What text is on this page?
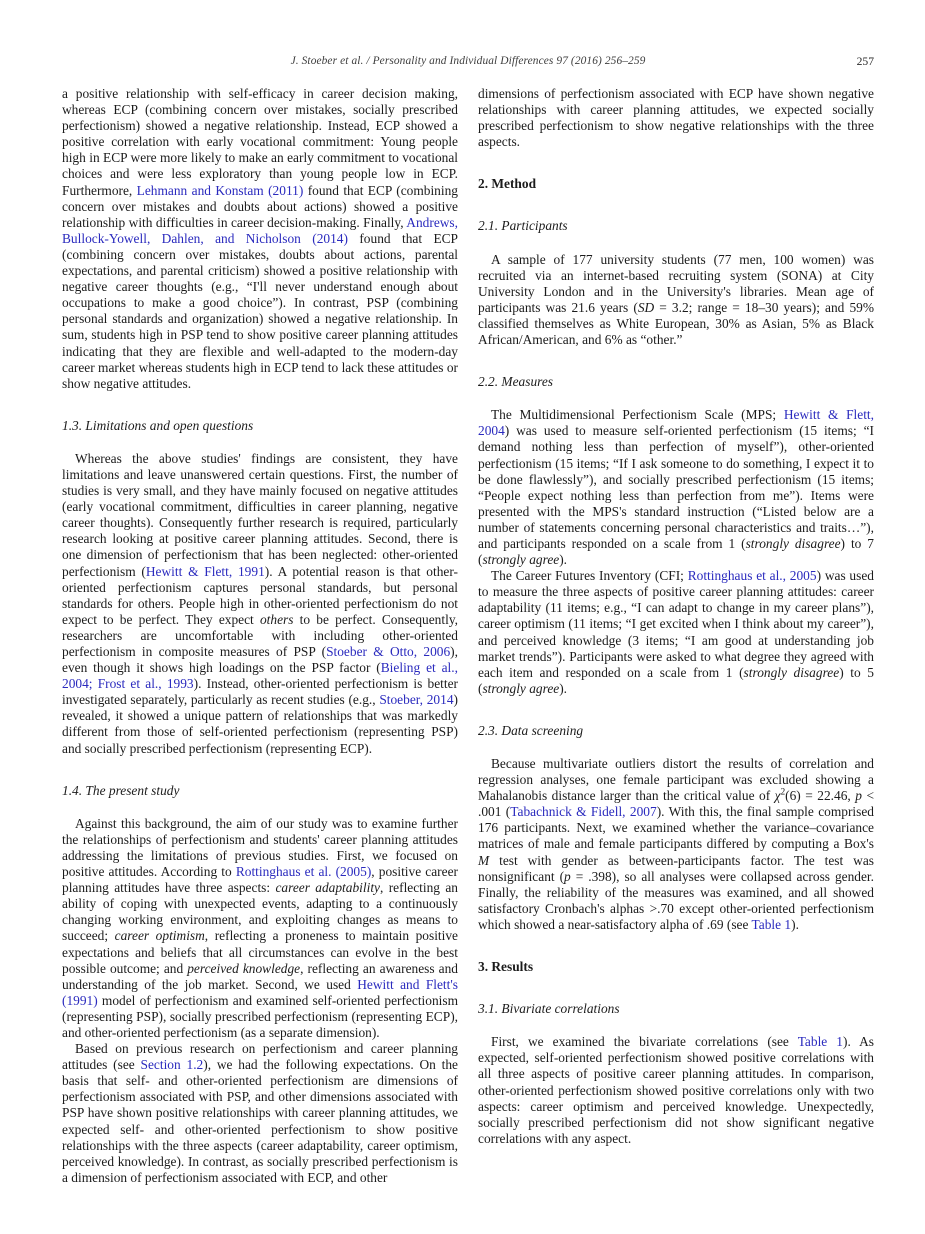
J. Stoeber et al. / Personality and Individual Differences 97 (2016) 256–259	257

a positive relationship with self-efficacy in career decision making, whereas ECP (combining concern over mistakes, socially prescribed perfectionism) showed a negative relationship. Instead, ECP showed a positive correlation with early vocational commitment: Young people high in ECP were more likely to make an early commitment to vocational choices and were less exploratory than young people low in ECP. Furthermore, Lehmann and Konstam (2011) found that ECP (combining concern over mistakes and doubts about actions) showed a positive relationship with difficulties in career decision-making. Finally, Andrews, Bullock-Yowell, Dahlen, and Nicholson (2014) found that ECP (combining concern over mistakes, doubts about actions, parental expectations, and parental criticism) showed a positive relationship with negative career thoughts (e.g., “I'll never understand enough about occupations to make a good choice”). In contrast, PSP (combining personal standards and organization) showed a negative relationship. In sum, students high in PSP tend to show positive career planning attitudes indicating that they are flexible and well-adapted to the modern-day career market whereas students high in ECP tend to lack these attitudes or show negative attitudes.

1.3. Limitations and open questions

Whereas the above studies' findings are consistent, they have limitations and leave unanswered certain questions. First, the number of studies is very small, and they have mainly focused on negative attitudes (early vocational commitment, difficulties in career planning, negative career thoughts). Consequently further research is required, particularly research looking at positive career planning attitudes. Second, there is one dimension of perfectionism that has been neglected: other-oriented perfectionism (Hewitt & Flett, 1991). A potential reason is that other-oriented perfectionism captures personal standards, but personal standards for others. People high in other-oriented perfectionism do not expect to be perfect. They expect others to be perfect. Consequently, researchers are uncomfortable with including other-oriented perfectionism in composite measures of PSP (Stoeber & Otto, 2006), even though it shows high loadings on the PSP factor (Bieling et al., 2004; Frost et al., 1993). Instead, other-oriented perfectionism is better investigated separately, particularly as recent studies (e.g., Stoeber, 2014) revealed, it showed a unique pattern of relationships that was markedly different from those of self-oriented perfectionism (representing PSP) and socially prescribed perfectionism (representing ECP).

1.4. The present study

Against this background, the aim of our study was to examine further the relationships of perfectionism and students' career planning attitudes addressing the limitations of previous studies. First, we focused on positive attitudes. According to Rottinghaus et al. (2005), positive career planning attitudes have three aspects: career adaptability, reflecting an ability of coping with unexpected events, adapting to a continuously changing working environment, and exploiting changes as means to succeed; career optimism, reflecting a proneness to maintain positive expectations and beliefs that all circumstances can evolve in the best possible outcome; and perceived knowledge, reflecting an awareness and understanding of the job market. Second, we used Hewitt and Flett's (1991) model of perfectionism and examined self-oriented perfectionism (representing PSP), socially prescribed perfectionism (representing ECP), and other-oriented perfectionism (as a separate dimension).

Based on previous research on perfectionism and career planning attitudes (see Section 1.2), we had the following expectations. On the basis that self- and other-oriented perfectionism are dimensions of perfectionism associated with PSP, and other dimensions associated with PSP have shown positive relationships with career planning attitudes, we expected self- and other-oriented perfectionism to show positive relationships with the three aspects (career adaptability, career optimism, perceived knowledge). In contrast, as socially prescribed perfectionism is a dimension of perfectionism associated with ECP, and other

dimensions of perfectionism associated with ECP have shown negative relationships with career planning attitudes, we expected socially prescribed perfectionism to show negative relationships with the three aspects.

2. Method
2.1. Participants

A sample of 177 university students (77 men, 100 women) was recruited via an internet-based recruiting system (SONA) at City University London and in the University's libraries. Mean age of participants was 21.6 years (SD = 3.2; range = 18–30 years); and 59% classified themselves as White European, 30% as Asian, 5% as Black African/American, and 6% as “other.”

2.2. Measures

The Multidimensional Perfectionism Scale (MPS; Hewitt & Flett, 2004) was used to measure self-oriented perfectionism (15 items; “I demand nothing less than perfection of myself”), other-oriented perfectionism (15 items; “If I ask someone to do something, I expect it to be done flawlessly”), and socially prescribed perfectionism (15 items; “People expect nothing less than perfection from me”). Items were presented with the MPS's standard instruction (“Listed below are a number of statements concerning personal characteristics and traits…”), and participants responded on a scale from 1 (strongly disagree) to 7 (strongly agree).

The Career Futures Inventory (CFI; Rottinghaus et al., 2005) was used to measure the three aspects of positive career planning attitudes: career adaptability (11 items; e.g., “I can adapt to change in my career plans”), career optimism (11 items; “I get excited when I think about my career”), and perceived knowledge (3 items; “I am good at understanding job market trends”). Participants were asked to what degree they agreed with each item and responded on a scale from 1 (strongly disagree) to 5 (strongly agree).

2.3. Data screening

Because multivariate outliers distort the results of correlation and regression analyses, one female participant was excluded showing a Mahalanobis distance larger than the critical value of $\chi^2(6) = 22.46$, p < .001 (Tabachnick & Fidell, 2007). With this, the final sample comprised 176 participants. Next, we examined whether the variance–covariance matrices of male and female participants differed by computing a Box's M test with gender as between-participants factor. The test was nonsignificant (p = .398), so all analyses were collapsed across gender. Finally, the reliability of the measures was examined, and all showed satisfactory Cronbach's alphas >.70 except other-oriented perfectionism which showed a near-satisfactory alpha of .69 (see Table 1).

3. Results
3.1. Bivariate correlations

First, we examined the bivariate correlations (see Table 1). As expected, self-oriented perfectionism showed positive correlations with all three aspects of positive career planning attitudes. In comparison, other-oriented perfectionism showed positive correlations only with two aspects: career optimism and perceived knowledge. Unexpectedly, socially prescribed perfectionism did not show significant negative correlations with any aspect.
